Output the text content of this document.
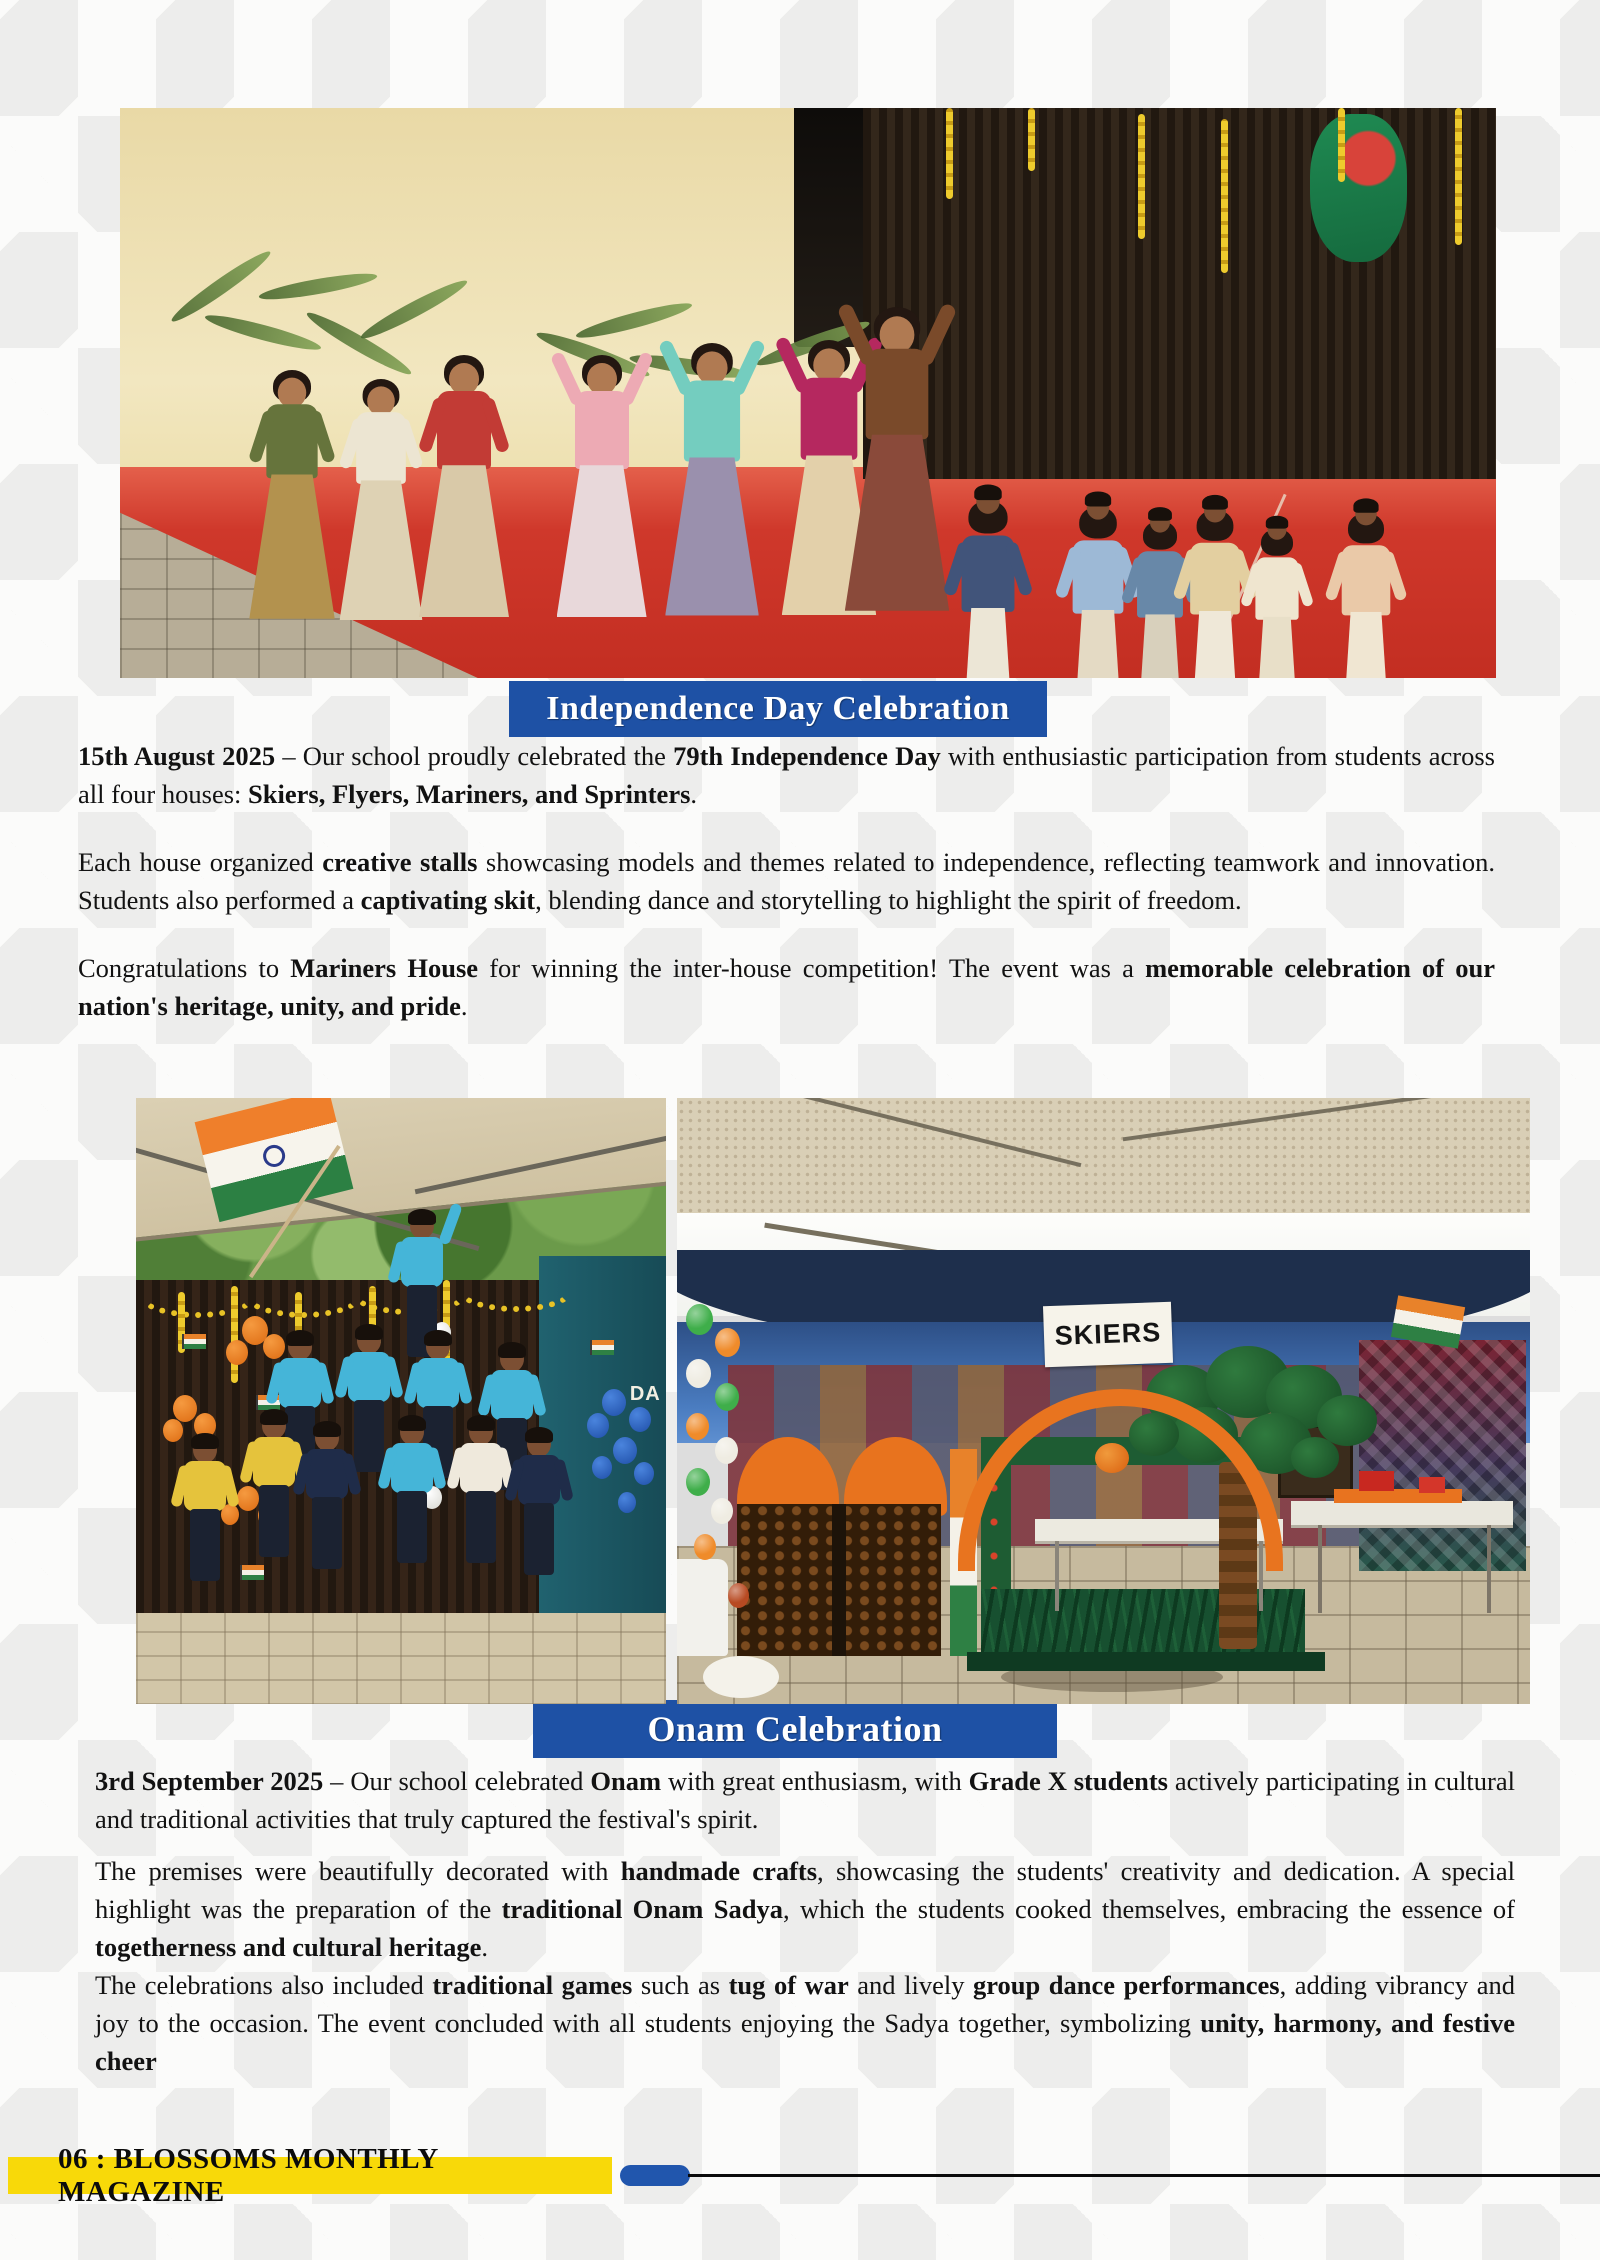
Independence Day Celebration

15th August 2025 – Our school proudly celebrated the 79th Independence Day with enthusiastic participation from students across all four houses: Skiers, Flyers, Mariners, and Sprinters.

Each house organized creative stalls showcasing models and themes related to independence, reflecting teamwork and innovation. Students also performed a captivating skit, blending dance and storytelling to highlight the spirit of freedom.

Congratulations to Mariners House for winning the inter-house competition! The event was a memorable celebration of our nation's heritage, unity, and pride.

DA
SKIERS
Onam Celebration

3rd September 2025 – Our school celebrated Onam with great enthusiasm, with Grade X students actively participating in cultural and traditional activities that truly captured the festival's spirit.

The premises were beautifully decorated with handmade crafts, showcasing the students' creativity and dedication. A special highlight was the preparation of the traditional Onam Sadya, which the students cooked themselves, embracing the essence of togetherness and cultural heritage.

The celebrations also included traditional games such as tug of war and lively group dance performances, adding vibrancy and joy to the occasion. The event concluded with all students enjoying the Sadya together, symbolizing unity, harmony, and festive cheer

06 : BLOSSOMS MONTHLY MAGAZINE
